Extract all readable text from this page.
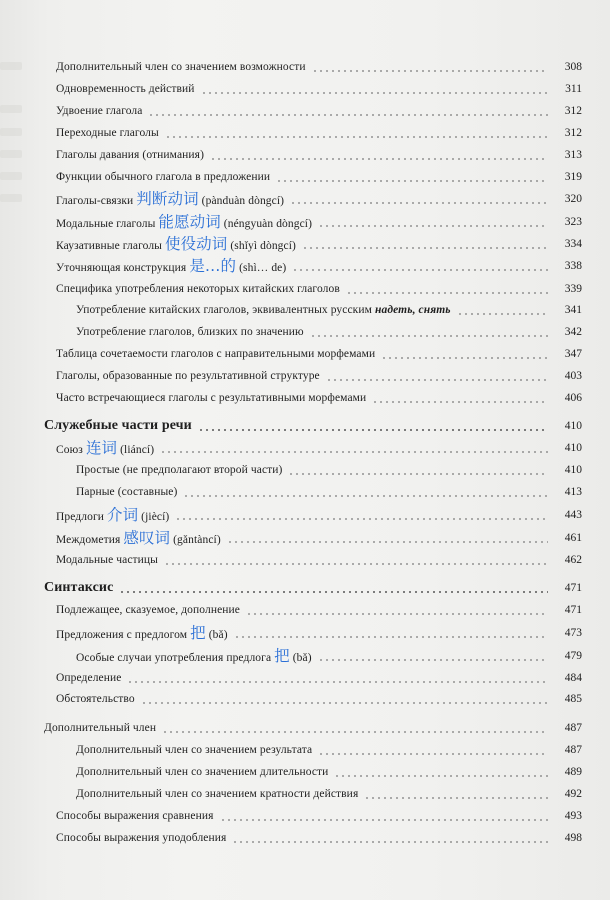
Дополнительный член со значением возможности	308
Одновременность действий	311
Удвоение глагола	312
Переходные глаголы	312
Глаголы давания (отнимания)	313
Функции обычного глагола в предложении	319
Глаголы-связки 判断动词 (pànduàn dòngcí)	320
Модальные глаголы 能愿动词 (néngyuàn dòngcí)	323
Каузативные глаголы 使役动词 (shǐyì dòngcí)	334
Уточняющая конструкция 是…的 (shì… de)	338
Специфика употребления некоторых китайских глаголов	339
Употребление китайских глаголов, эквивалентных русским надеть, снять	341
Употребление глаголов, близких по значению	342
Таблица сочетаемости глаголов с направительными морфемами	347
Глаголы, образованные по результативной структуре	403
Часто встречающиеся глаголы с результативными морфемами	406
Служебные части речи	410
Союз 连词 (liáncí)	410
Простые (не предполагают второй части)	410
Парные (составные)	413
Предлоги 介词 (jiècí)	443
Междометия 感叹词 (gǎntàncí)	461
Модальные частицы	462
Синтаксис	471
Подлежащее, сказуемое, дополнение	471
Предложения с предлогом 把 (bǎ)	473
Особые случаи употребления предлога 把 (bǎ)	479
Определение	484
Обстоятельство	485
Дополнительный член	487
Дополнительный член со значением результата	487
Дополнительный член со значением длительности	489
Дополнительный член со значением кратности действия	492
Способы выражения сравнения	493
Способы выражения уподобления	498
